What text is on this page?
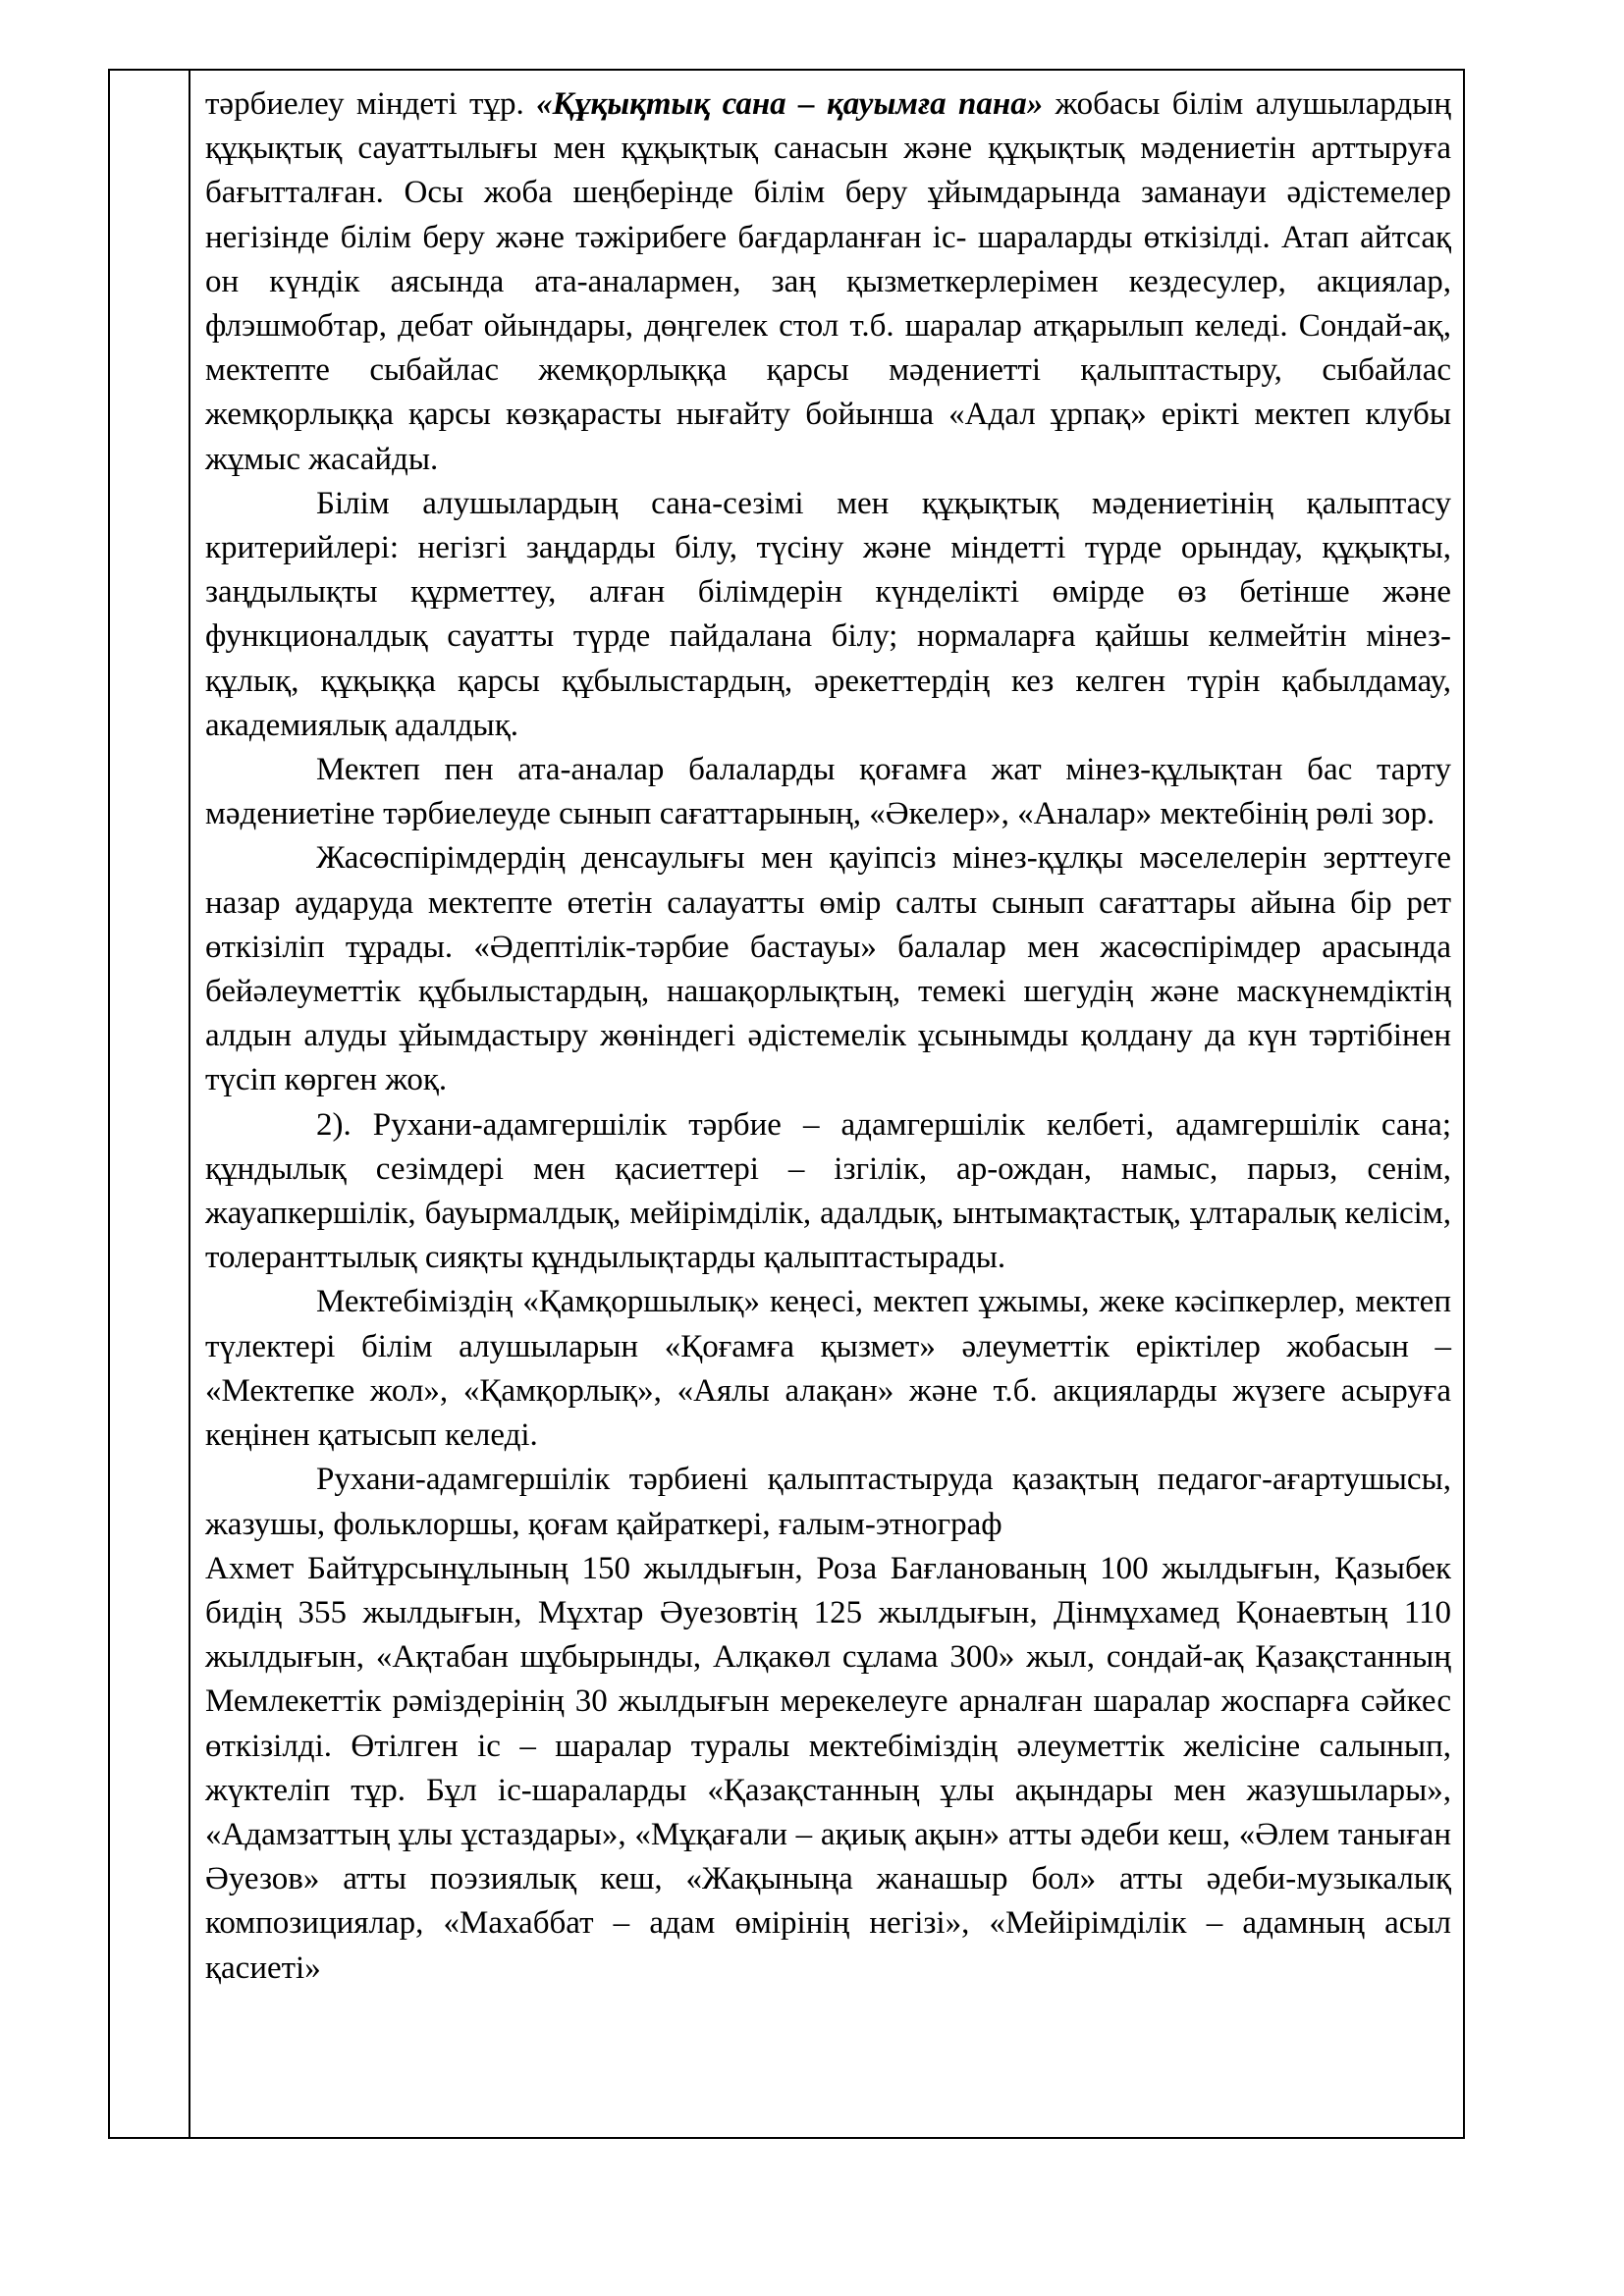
тәрбиелеу міндеті тұр. «Құқықтық сана – қауымға пана» жобасы білім алушылардың құқықтық сауаттылығы мен құқықтық санасын және құқықтық мәдениетін арттыруға бағытталған. Осы жоба шеңберінде білім беру ұйымдарында заманауи әдістемелер негізінде білім беру және тәжірибеге бағдарланған іс- шараларды өткізілді. Атап айтсақ он күндік аясында ата-аналармен, заң қызметкерлерімен кездесулер, акциялар, флэшмобтар, дебат ойындары, дөңгелек стол т.б. шаралар атқарылып келеді. Сондай-ақ, мектепте сыбайлас жемқорлыққа қарсы мәдениетті қалыптастыру, сыбайлас жемқорлыққа қарсы көзқарасты нығайту бойынша «Адал ұрпақ» ерікті мектеп клубы жұмыс жасайды.

Білім алушылардың сана-сезімі мен құқықтық мәдениетінің қалыптасу критерийлері: негізгі заңдарды білу, түсіну және міндетті түрде орындау, құқықты, заңдылықты құрметтеу, алған білімдерін күнделікті өмірде өз бетінше және функционалдық сауатты түрде пайдалана білу; нормаларға қайшы келмейтін мінез-құлық, құқыққа қарсы құбылыстардың, әрекеттердің кез келген түрін қабылдамау, академиялық адалдық.

Мектеп пен ата-аналар балаларды қоғамға жат мінез-құлықтан бас тарту мәдениетіне тәрбиелеуде сынып сағаттарының, «Әкелер», «Аналар» мектебінің рөлі зор.

Жасөспірімдердің денсаулығы мен қауіпсіз мінез-құлқы мәселелерін зерттеуге назар аударуда мектепте өтетін салауатты өмір салты сынып сағаттары айына бір рет өткізіліп тұрады. «Әдептілік-тәрбие бастауы» балалар мен жасөспірімдер арасында бейәлеуметтік құбылыстардың, нашақорлықтың, темекі шегудің және маскүнемдіктің алдын алуды ұйымдастыру жөніндегі әдістемелік ұсынымды қолдану да күн тәртібінен түсіп көрген жоқ.

2). Рухани-адамгершілік тәрбие – адамгершілік келбеті, адамгершілік сана; құндылық сезімдері мен қасиеттері – ізгілік, ар-ождан, намыс, парыз, сенім, жауапкершілік, бауырмалдық, мейірімділік, адалдық, ынтымақтастық, ұлтаралық келісім, толеранттылық сияқты құндылықтарды қалыптастырады.

Мектебіміздің «Қамқоршылық» кеңесі, мектеп ұжымы, жеке кәсіпкерлер, мектеп түлектері білім алушыларын «Қоғамға қызмет» әлеуметтік еріктілер жобасын – «Мектепке жол», «Қамқорлық», «Аялы алақан» және т.б. акцияларды жүзеге асыруға кеңінен қатысып келеді.

Рухани-адамгершілік тәрбиені қалыптастыруда қазақтың педагог-ағартушысы, жазушы, фольклоршы, қоғам қайраткері, ғалым-этнограф

Ахмет Байтұрсынұлының 150 жылдығын, Роза Бағланованың 100 жылдығын, Қазыбек бидің 355 жылдығын, Мұхтар Әуезовтің 125 жылдығын, Дінмұхамед Қонаевтың 110 жылдығын, «Ақтабан шұбырынды, Алқакөл сұлама 300» жыл, сондай-ақ Қазақстанның Мемлекеттік рәміздерінің 30 жылдығын мерекелеуге арналған шаралар жоспарға сәйкес өткізілді. Өтілген іс – шаралар туралы мектебіміздің әлеуметтік желісіне салынып, жүктеліп тұр. Бұл іс-шараларды «Қазақстанның ұлы ақындары мен жазушылары», «Адамзаттың ұлы ұстаздары», «Мұқағали – ақиық ақын» атты әдеби кеш, «Әлем таныған Әуезов» атты поэзиялық кеш, «Жақыныңа жанашыр бол» атты әдеби-музыкалық композициялар, «Махаббат – адам өмірінің негізі», «Мейірімділік – адамның асыл қасиеті»
